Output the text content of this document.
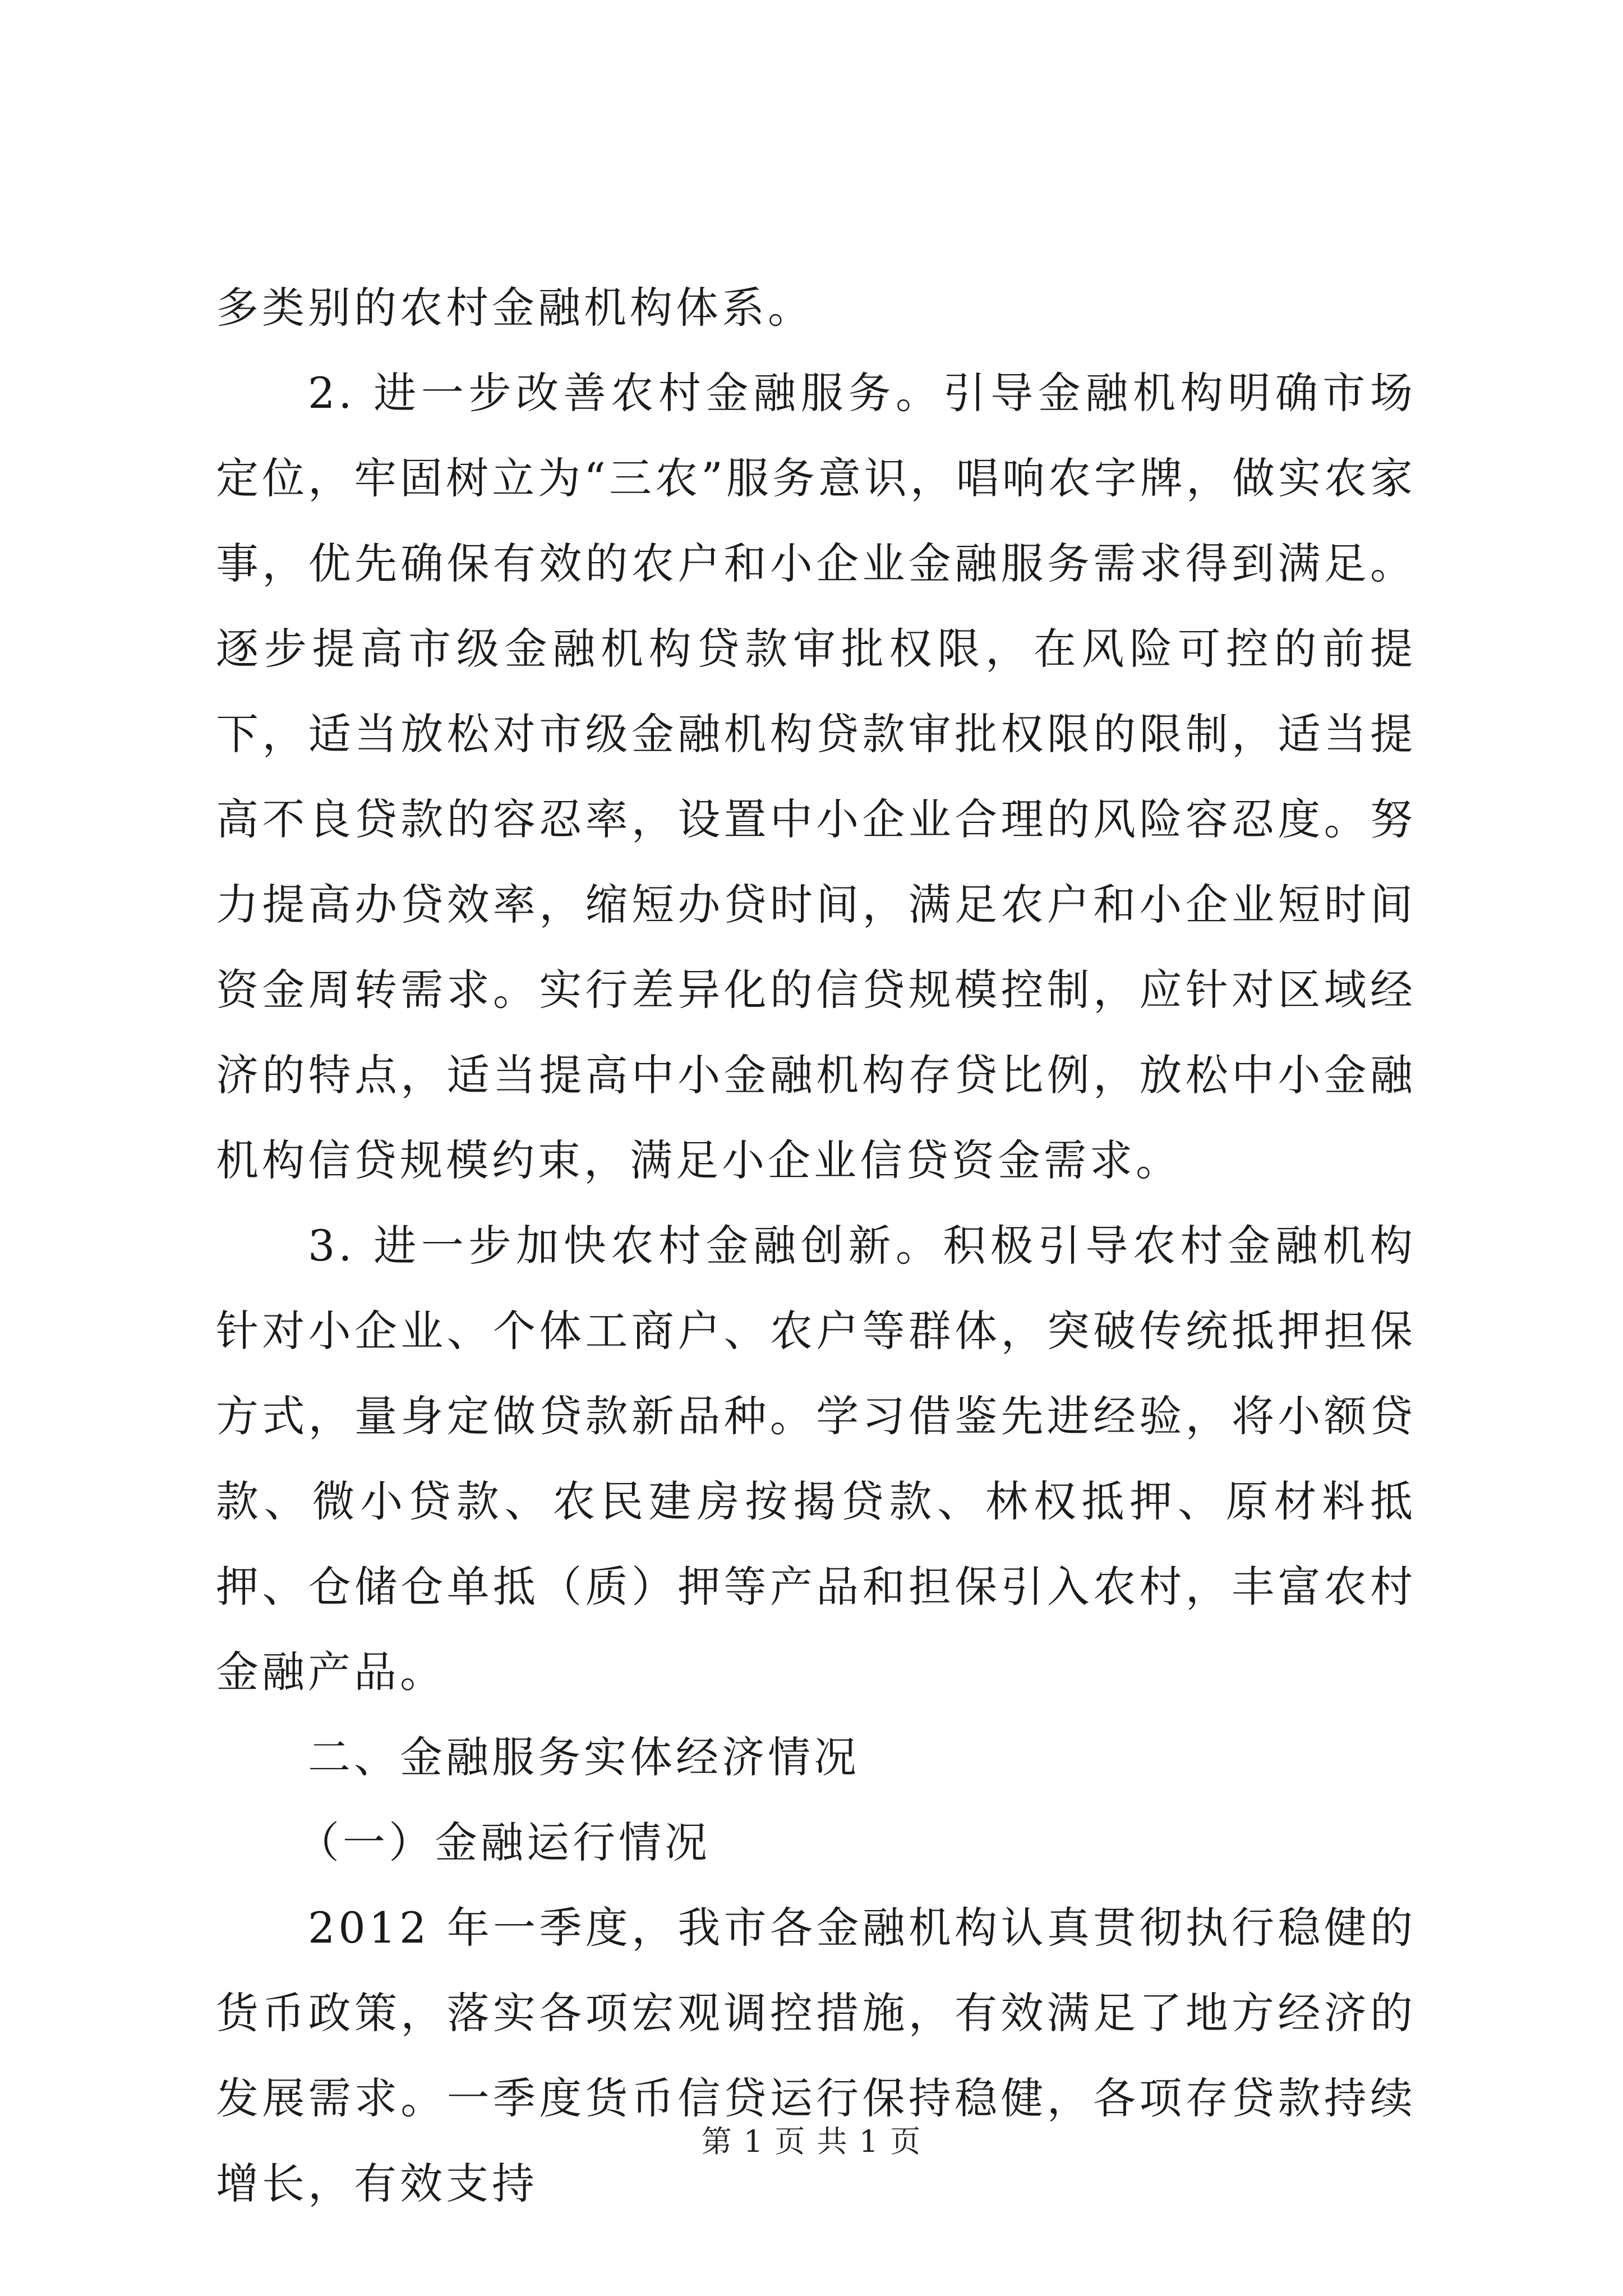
多类别的农村金融机构体系。

2. 进一步改善农村金融服务。引导金融机构明确市场定位，牢固树立为“三农”服务意识，唱响农字牌，做实农家事，优先确保有效的农户和小企业金融服务需求得到满足。逐步提高市级金融机构贷款审批权限，在风险可控的前提下，适当放松对市级金融机构贷款审批权限的限制，适当提高不良贷款的容忍率，设置中小企业合理的风险容忍度。努力提高办贷效率，缩短办贷时间，满足农户和小企业短时间资金周转需求。实行差异化的信贷规模控制，应针对区域经济的特点，适当提高中小金融机构存贷比例，放松中小金融机构信贷规模约束，满足小企业信贷资金需求。

3. 进一步加快农村金融创新。积极引导农村金融机构针对小企业、个体工商户、农户等群体，突破传统抵押担保方式，量身定做贷款新品种。学习借鉴先进经验，将小额贷款、微小贷款、农民建房按揭贷款、林权抵押、原材料抵押、仓储仓单抵（质）押等产品和担保引入农村，丰富农村金融产品。

二、金融服务实体经济情况

（一）金融运行情况

2012 年一季度，我市各金融机构认真贯彻执行稳健的货币政策，落实各项宏观调控措施，有效满足了地方经济的发展需求。一季度货币信贷运行保持稳健，各项存贷款持续增长，有效支持

第 1 页 共 1 页
